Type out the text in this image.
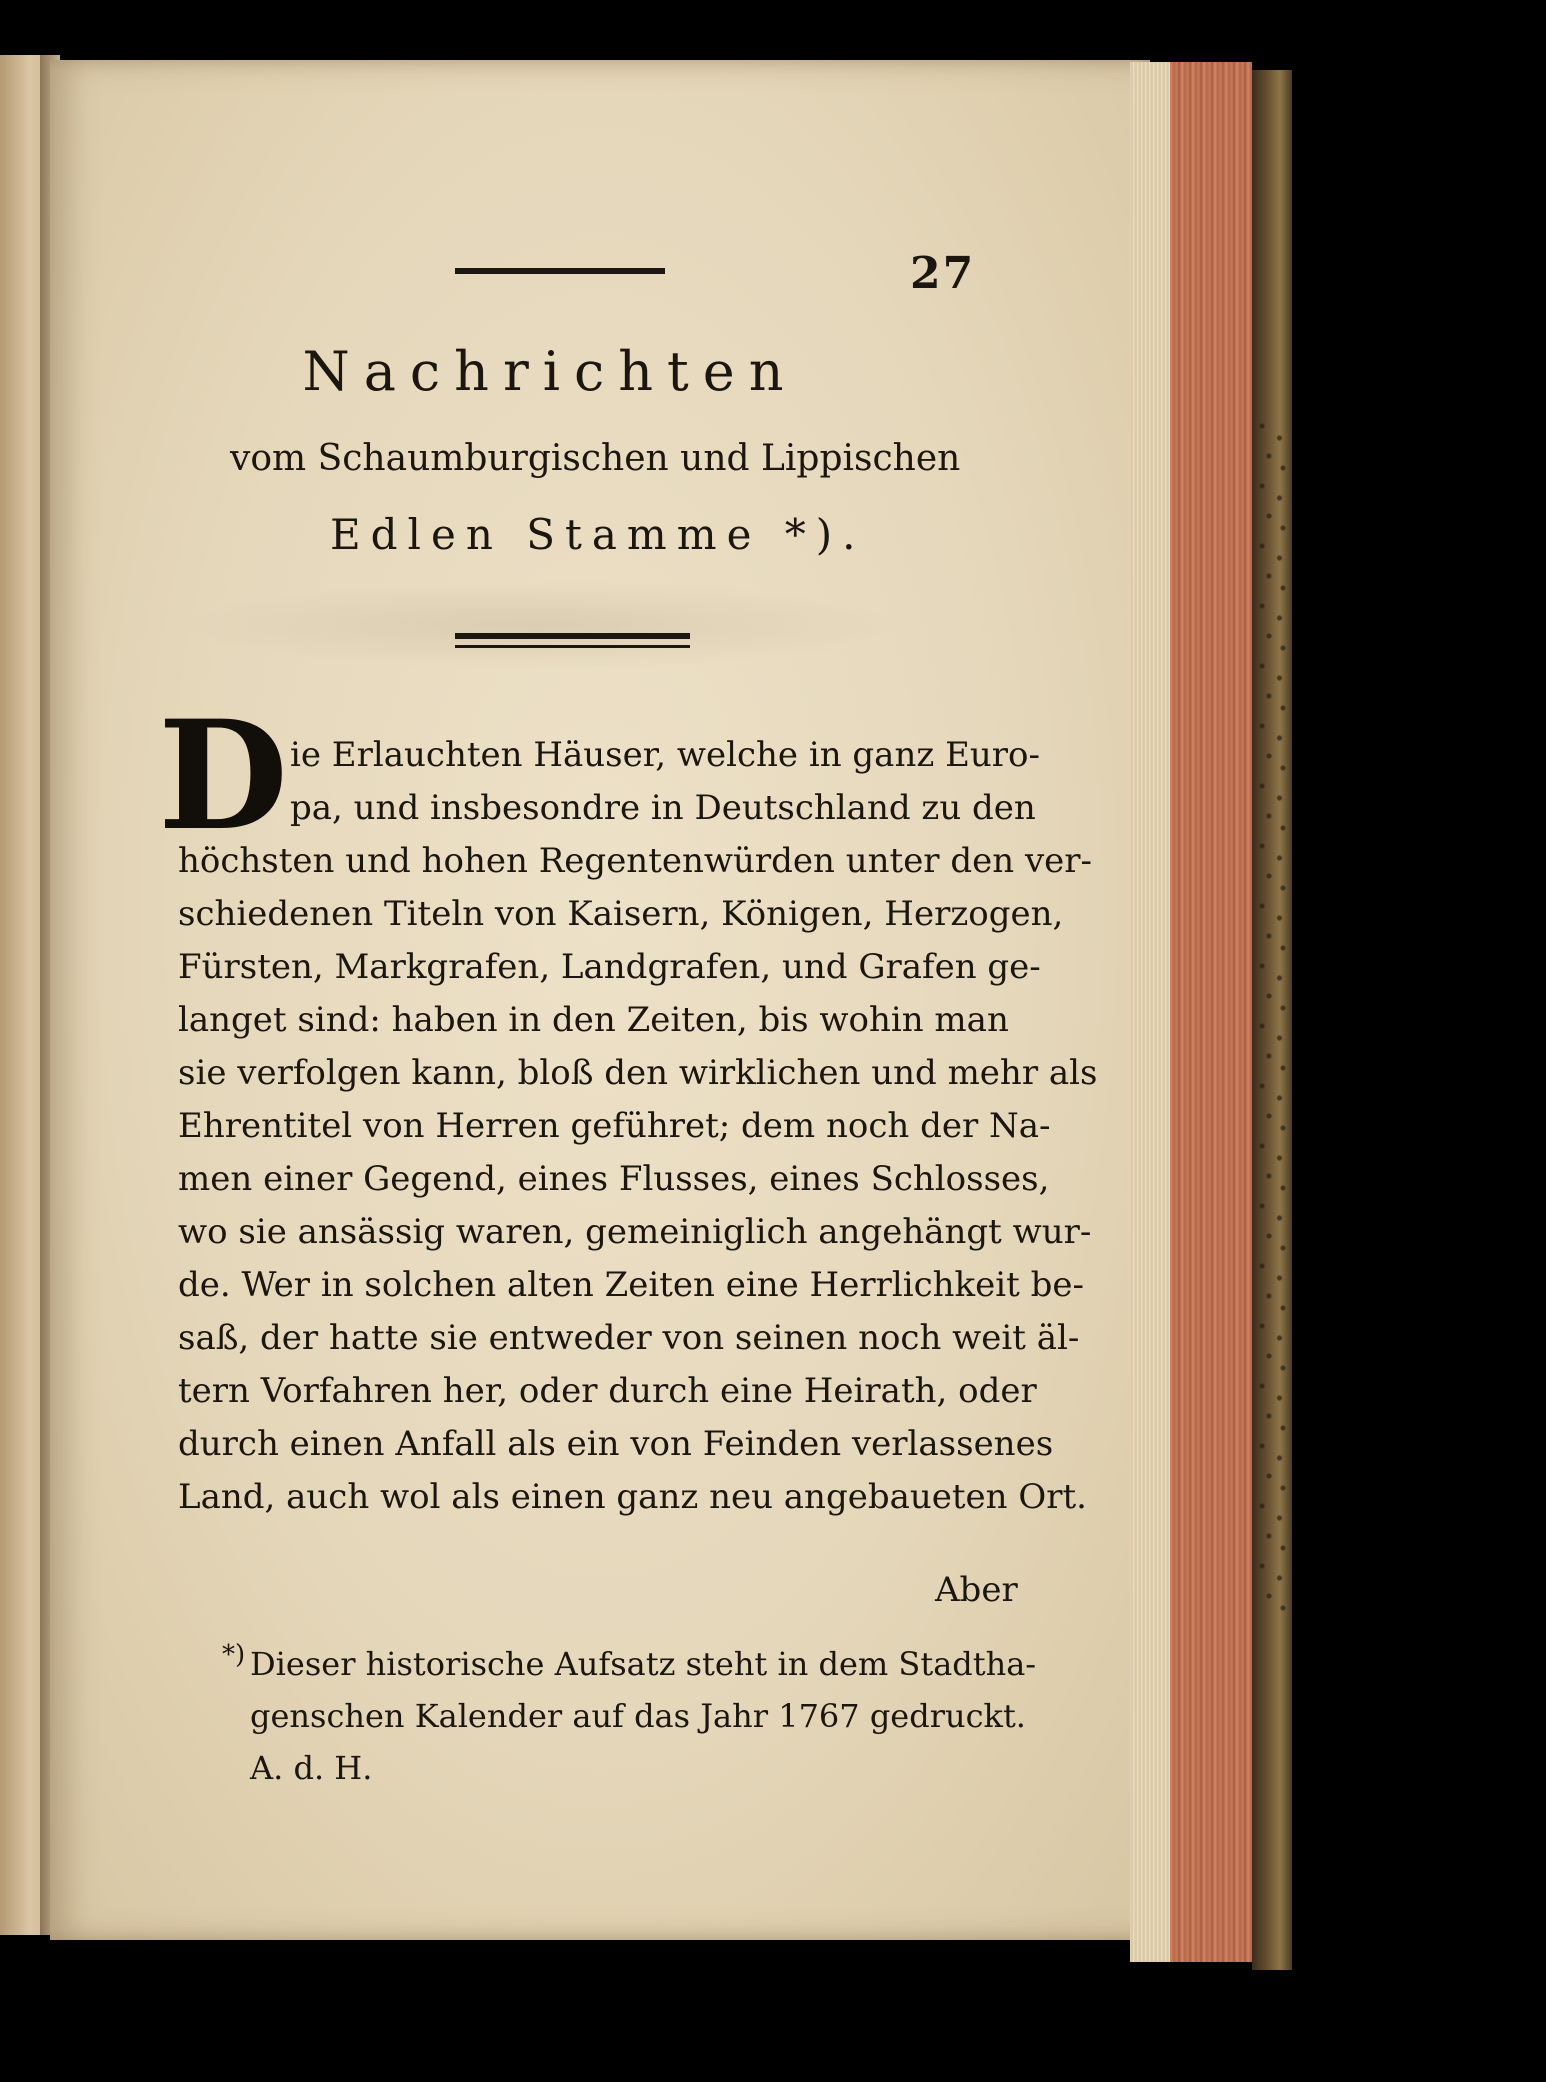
27
Nachrichten
vom Schaumburgischen und Lippischen
Edlen Stamme *).
D ie Erlauchten Häuser, welche in ganz Euro-
pa, und insbesondre in Deutschland zu den
höchsten und hohen Regentenwürden unter den ver-
schiedenen Titeln von Kaisern, Königen, Herzogen,
Fürsten, Markgrafen, Landgrafen, und Grafen ge-
langet sind: haben in den Zeiten, bis wohin man
sie verfolgen kann, bloß den wirklichen und mehr als
Ehrentitel von Herren geführet; dem noch der Na-
men einer Gegend, eines Flusses, eines Schlosses,
wo sie ansässig waren, gemeiniglich angehängt wur-
de. Wer in solchen alten Zeiten eine Herrlichkeit be-
saß, der hatte sie entweder von seinen noch weit äl-
tern Vorfahren her, oder durch eine Heirath, oder
durch einen Anfall als ein von Feinden verlassenes
Land, auch wol als einen ganz neu angebaueten Ort.
Aber
*) Dieser historische Aufsatz steht in dem Stadtha-
genschen Kalender auf das Jahr 1767 gedruckt.
A. d. H.
